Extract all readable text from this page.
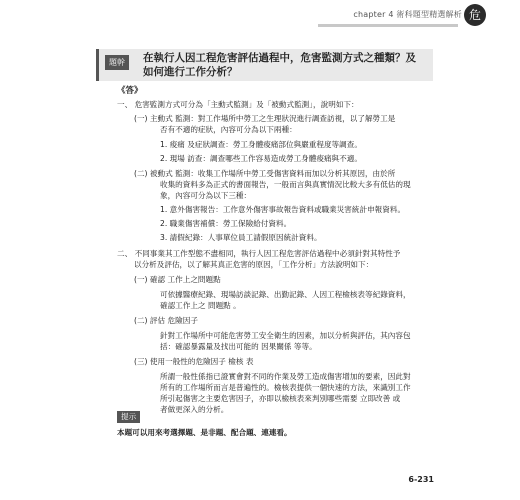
chapter 4 術科題型精選解析 危
題幹	在執行人因工程危害評估過程中，危害監測方式之種類？及如何進行工作分析？
《答》
一、 危害監測方式可分為「主動式監測」及「被動式監測」，說明如下：
(一) 主動式 監測：對工作場所中勞工之生理狀況進行調查訪視，以了解勞工是
否有不適的症狀，內容可分為以下兩種：
1. 痠痛 及症狀調查：勞工身體痠痛部位與嚴重程度等調查。
2. 現場 訪查：調查哪些工作容易造成勞工身體痠痛與不適。
(二) 被動式 監測：收集工作場所中勞工受傷害資料而加以分析其原因，由於所
收集的資料多為正式的書面報告，一般而言與真實情況比較大多有低估的現
象，內容可分為以下三種：
1. 意外傷害報告：工作意外傷害事故報告資料或職業災害統計申報資料。
2. 職業傷害補償：勞工保險給付資料。
3. 請假紀錄：人事單位員工請假原因統計資料。
二、 不同事業其工作型態不盡相同，執行人因工程危害評估過程中必須針對其特性予
以分析及評估，以了解其真正危害的原因，「工作分析」方法說明如下：
(一) 確認 工作上之問題點
可依據醫療紀錄、現場訪談記錄、出勤記錄、人因工程檢核表等紀錄資料，
確認工作上之 問題點 。
(二) 評估 危險因子
針對工作場所中可能危害勞工安全衛生的因素，加以分析與評估，其內容包
括：確認暴露量及找出可能的 因果關係 等等。
(三) 使用一般性的危險因子 檢核 表
所謂一般性係指已證實會對不同的作業及勞工造成傷害增加的要素，因此對
所有的工作場所而言是普遍性的。檢核表提供一個快速的方法，來識別工作
所引起傷害之主要危害因子，亦即以檢核表來判別哪些需要 立即改善 或
者做更深入的分析。
提示
本題可以用來考選擇題、是非題、配合題、連連看。
6-231
